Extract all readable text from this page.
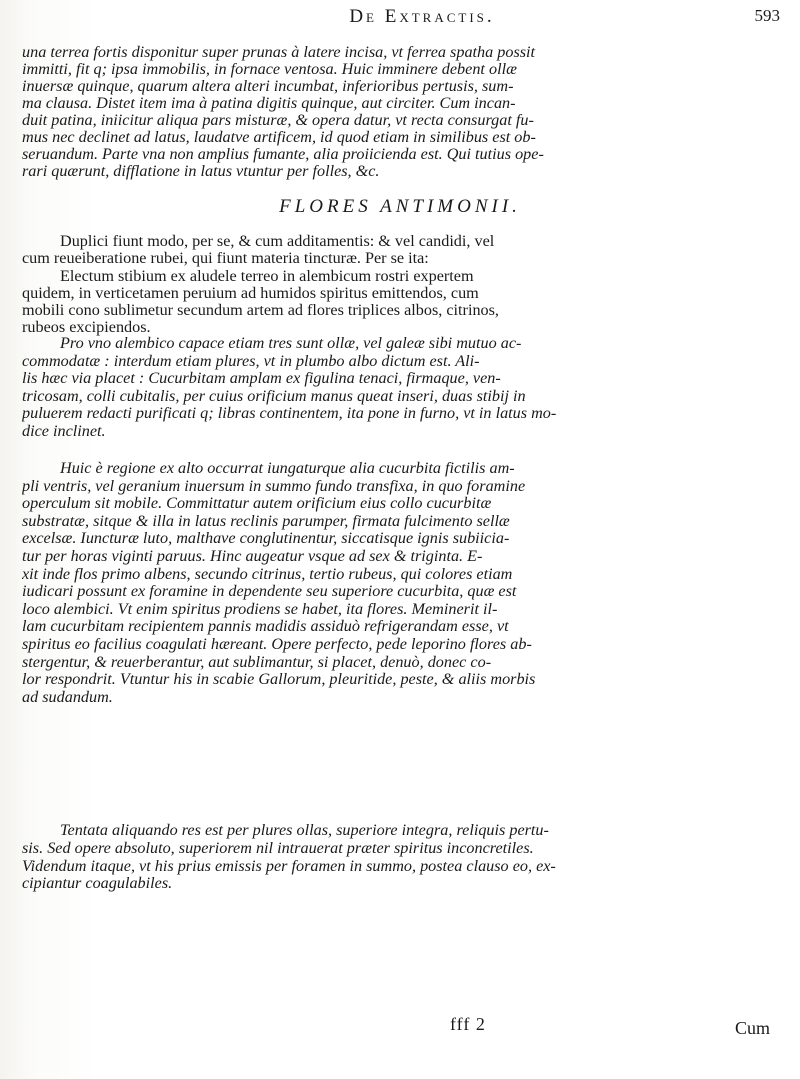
De Extractis.	593
una terrea fortis disponitur super prunas à latere incisa, vt ferrea spatha possit
immitti, fit q; ipsa immobilis, in fornace ventosa. Huic imminere debent ollæ
inuersæ quinque, quarum altera alteri incumbat, inferioribus pertusis, sum-
ma clausa. Distet item ima à patina digitis quinque, aut circiter. Cum incan-
duit patina, iniicitur aliqua pars misturæ, & opera datur, vt recta consurgat fu-
mus nec declinet ad latus, laudatve artificem, id quod etiam in similibus est ob-
seruandum. Parte vna non amplius fumante, alia proiicienda est. Qui tutius ope-
rari quærunt, difflatione in latus vtuntur per folles, &c.
FLORES ANTIMONII.
Duplici fiunt modo, per se, & cum additamentis: & vel candidi, vel
cum reueiberatione rubei, qui fiunt materia tincturæ. Per se ita:
Electum stibium ex aludele terreo in alembicum rostri expertem
quidem, in verticetamen peruium ad humidos spiritus emittendos, cum
mobili cono sublimetur secundum artem ad flores triplices albos, citrinos,
rubeos excipiendos.
Pro vno alembico capace etiam tres sunt ollæ, vel galeæ sibi mutuo ac-
commodatæ : interdum etiam plures, vt in plumbo albo dictum est. Ali-
lis hæc via placet : Cucurbitam amplam ex figulina tenaci, firmaque, ven-
tricosam, colli cubitalis, per cuius orificium manus queat inseri, duas stibij in
puluerem redacti purificati q; libras continentem, ita pone in furno, vt in latus mo-
dice inclinet.
Huic è regione ex alto occurrat iungaturque alia cucurbita fictilis am-
pli ventris, vel geranium inuersum in summo fundo transfixa, in quo foramine
operculum sit mobile. Committatur autem orificium eius collo cucurbitæ
substratæ, sitque & illa in latus reclinis parumper, firmata fulcimento sellæ
excelsæ. Iuncturæ luto, malthave conglutinentur, siccatisque ignis subiicia-
tur per horas viginti paruus. Hinc augeatur vsque ad sex & triginta. E-
xit inde flos primo albens, secundo citrinus, tertio rubeus, qui colores etiam
iudicari possunt ex foramine in dependente seu superiore cucurbita, quæ est
loco alembici. Vt enim spiritus prodiens se habet, ita flores. Meminerit il-
lam cucurbitam recipientem pannis madidis assiduò refrigerandam esse, vt
spiritus eo facilius coagulati hæreant. Opere perfecto, pede leporino flores ab-
stergentur, & reuerberantur, aut sublimantur, si placet, denuò, donec co-
lor respondrit. Vtuntur his in scabie Gallorum, pleuritide, peste, & aliis morbis
ad sudandum.
Tentata aliquando res est per plures ollas, superiore integra, reliquis pertu-
sis. Sed opere absoluto, superiorem nil intrauerat præter spiritus inconcretiles.
Videndum itaque, vt his prius emissis per foramen in summo, postea clauso eo, ex-
cipiantur coagulabiles.
fff 2	Cum
